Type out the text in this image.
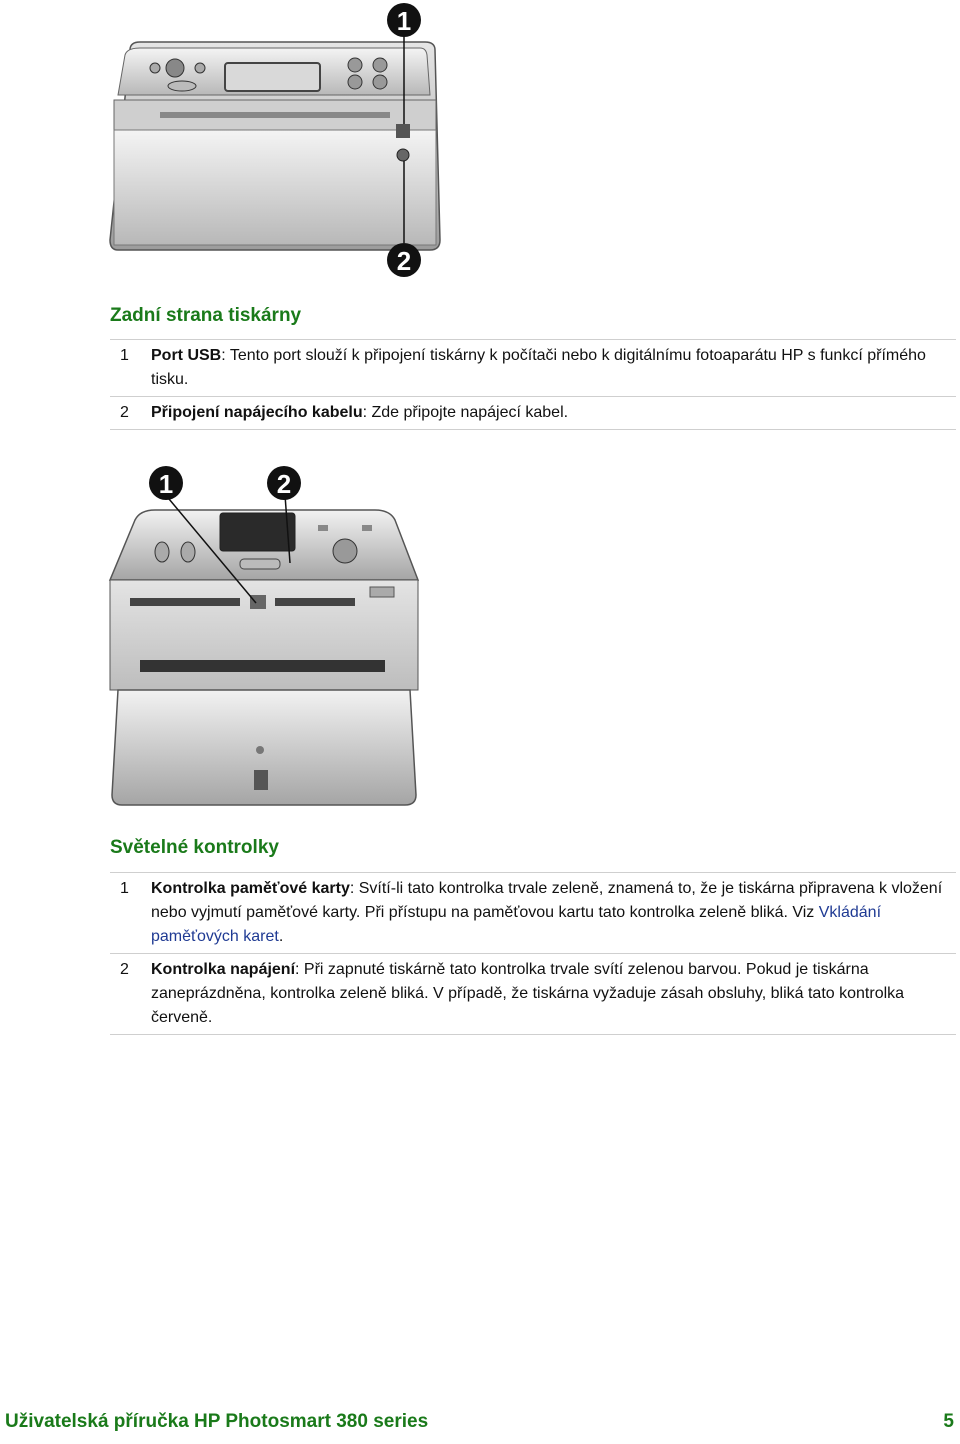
1
2
Zadní strana tiskárny
1	Port USB: Tento port slouží k připojení tiskárny k počítači nebo k digitálnímu fotoaparátu HP s funkcí přímého tisku.
2	Připojení napájecího kabelu: Zde připojte napájecí kabel.
1	2
Světelné kontrolky
1	Kontrolka paměťové karty: Svítí-li tato kontrolka trvale zeleně, znamená to, že je tiskárna připravena k vložení nebo vyjmutí paměťové karty. Při přístupu na paměťovou kartu tato kontrolka zeleně bliká. Viz Vkládání paměťových karet.
2	Kontrolka napájení: Při zapnuté tiskárně tato kontrolka trvale svítí zelenou barvou. Pokud je tiskárna zaneprázdněna, kontrolka zeleně bliká. V případě, že tiskárna vyžaduje zásah obsluhy, bliká tato kontrolka červeně.
Uživatelská příručka HP Photosmart 380 series	5
